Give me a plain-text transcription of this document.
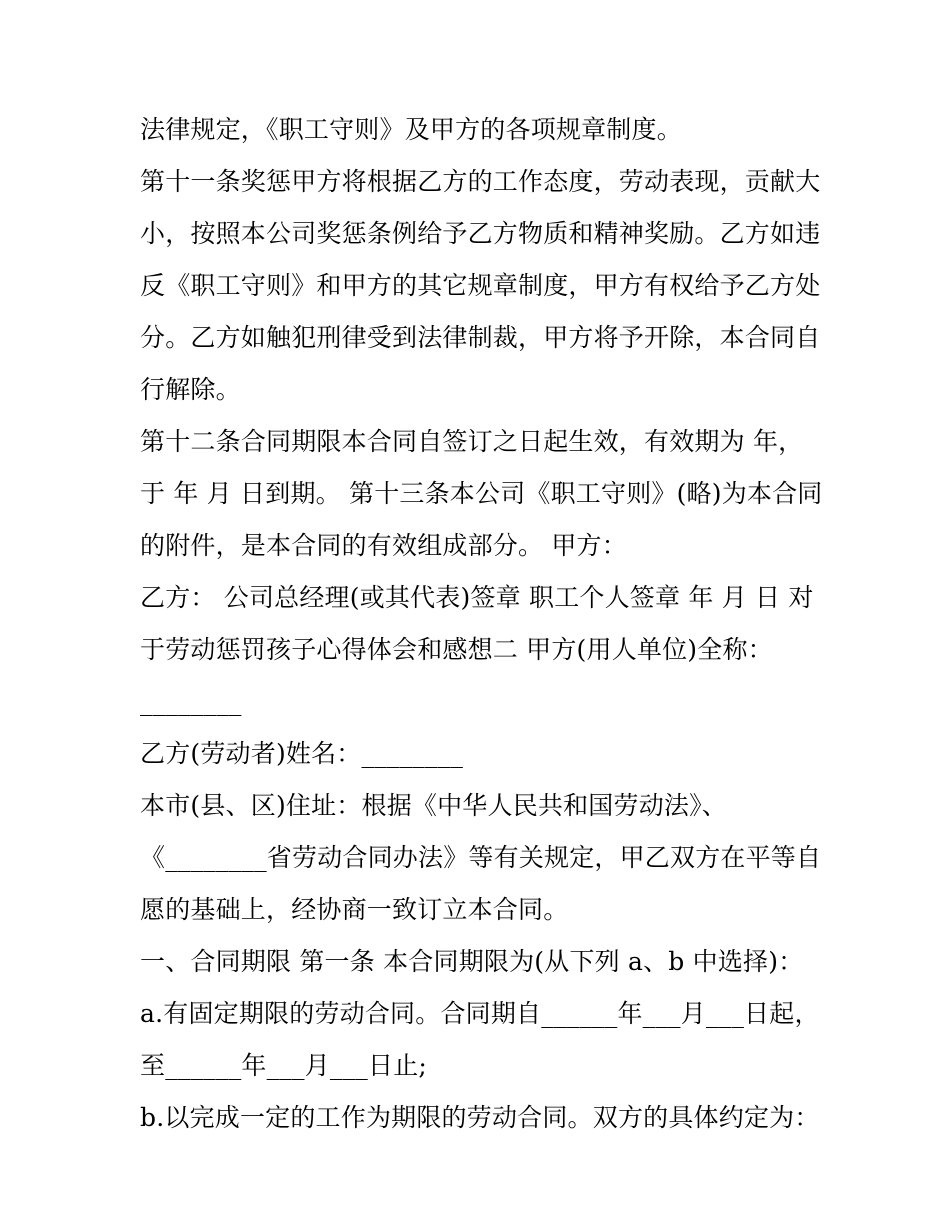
法律规定，《职工守则》及甲方的各项规章制度。
第十一条奖惩甲方将根据乙方的工作态度，劳动表现，贡献大
小，按照本公司奖惩条例给予乙方物质和精神奖励。乙方如违
反《职工守则》和甲方的其它规章制度，甲方有权给予乙方处
分。乙方如触犯刑律受到法律制裁，甲方将予开除，本合同自
行解除。
第十二条合同期限本合同自签订之日起生效，有效期为 年，
于 年 月 日到期。 第十三条本公司《职工守则》(略)为本合同
的附件，是本合同的有效组成部分。 甲方：
乙方： 公司总经理(或其代表)签章 职工个人签章 年 月 日 对
于劳动惩罚孩子心得体会和感想二 甲方(用人单位)全称：
________
乙方(劳动者)姓名：________
本市(县、区)住址：根据《中华人民共和国劳动法》、
《________省劳动合同办法》等有关规定，甲乙双方在平等自
愿的基础上，经协商一致订立本合同。
一、合同期限 第一条 本合同期限为(从下列 a、b 中选择)：
a.有固定期限的劳动合同。合同期自______年___月___日起，
至______年___月___日止;
b.以完成一定的工作为期限的劳动合同。双方的具体约定为：
